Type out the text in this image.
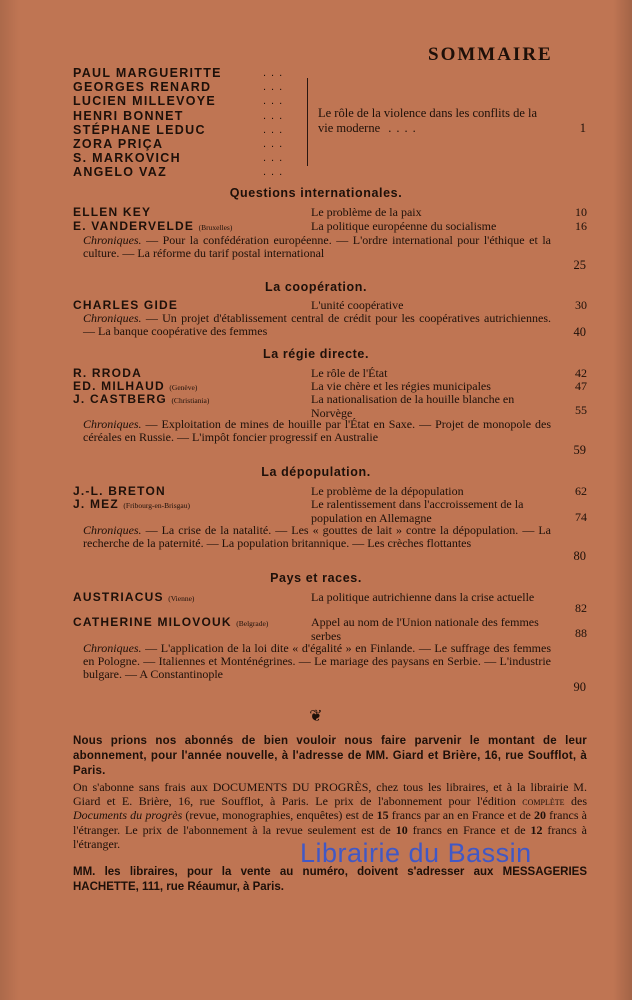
SOMMAIRE
PAUL MARGUERITTE	...
GEORGES RENARD	...
LUCIEN MILLEVOYE	...
HENRI BONNET	...
STÉPHANE LEDUC	...
ZORA PRIÇA	...
S. MARKOVICH	...
ANGELO VAZ	...
Le rôle de la violence dans les conflits de la vie moderne ....	1
Questions internationales.
ELLEN KEY	Le problème de la paix	10
E. VANDERVELDE (Bruxelles)	La politique européenne du socialisme	16
Chroniques. — Pour la confédération européenne. — L'ordre international pour l'éthique et la culture. — La réforme du tarif postal international
25
La coopération.
CHARLES GIDE	L'unité coopérative	30
Chroniques. — Un projet d'établissement central de crédit pour les coopératives autrichiennes. — La banque coopérative des femmes	40
La régie directe.
R. RRODA	Le rôle de l'État	42
ED. MILHAUD (Genève)	La vie chère et les régies municipales	47
J. CASTBERG (Christiania)	La nationalisation de la houille blanche en Norvège	55
Chroniques. — Exploitation de mines de houille par l'État en Saxe. — Projet de monopole des céréales en Russie. — L'impôt foncier progressif en Australie
59
La dépopulation.
J.-L. BRETON	Le problème de la dépopulation	62
J. MEZ (Fribourg-en-Brisgau)	Le ralentissement dans l'accroissement de la population en Allemagne	74
Chroniques. — La crise de la natalité. — Les « gouttes de lait » contre la dépopulation. — La recherche de la paternité. — La population britannique. — Les crèches flottantes
80
Pays et races.
AUSTRIACUS (Vienne)	La politique autrichienne dans la crise actuelle
82
CATHERINE MILOVOUK (Belgrade)	Appel au nom de l'Union nationale des femmes serbes	88
Chroniques. — L'application de la loi dite « d'égalité » en Finlande. — Le suffrage des femmes en Pologne. — Italiennes et Monténégrines. — Le mariage des paysans en Serbie. — L'industrie bulgare. — A Constantinople
90
❦
Nous prions nos abonnés de bien vouloir nous faire parvenir le montant de leur abonnement, pour l'année nouvelle, à l'adresse de MM. Giard et Brière, 16, rue Soufflot, à Paris.
On s'abonne sans frais aux DOCUMENTS DU PROGRÈS, chez tous les libraires, et à la librairie M. Giard et E. Brière, 16, rue Soufflot, à Paris. Le prix de l'abonnement pour l'édition complète des Documents du progrès (revue, monographies, enquêtes) est de 15 francs par an en France et de 20 francs à l'étranger. Le prix de l'abonnement à la revue seulement est de 10 francs en France et de 12 francs à l'étranger.
MM. les libraires, pour la vente au numéro, doivent s'adresser aux MESSAGERIES HACHETTE, 111, rue Réaumur, à Paris.
Librairie du Bassin
